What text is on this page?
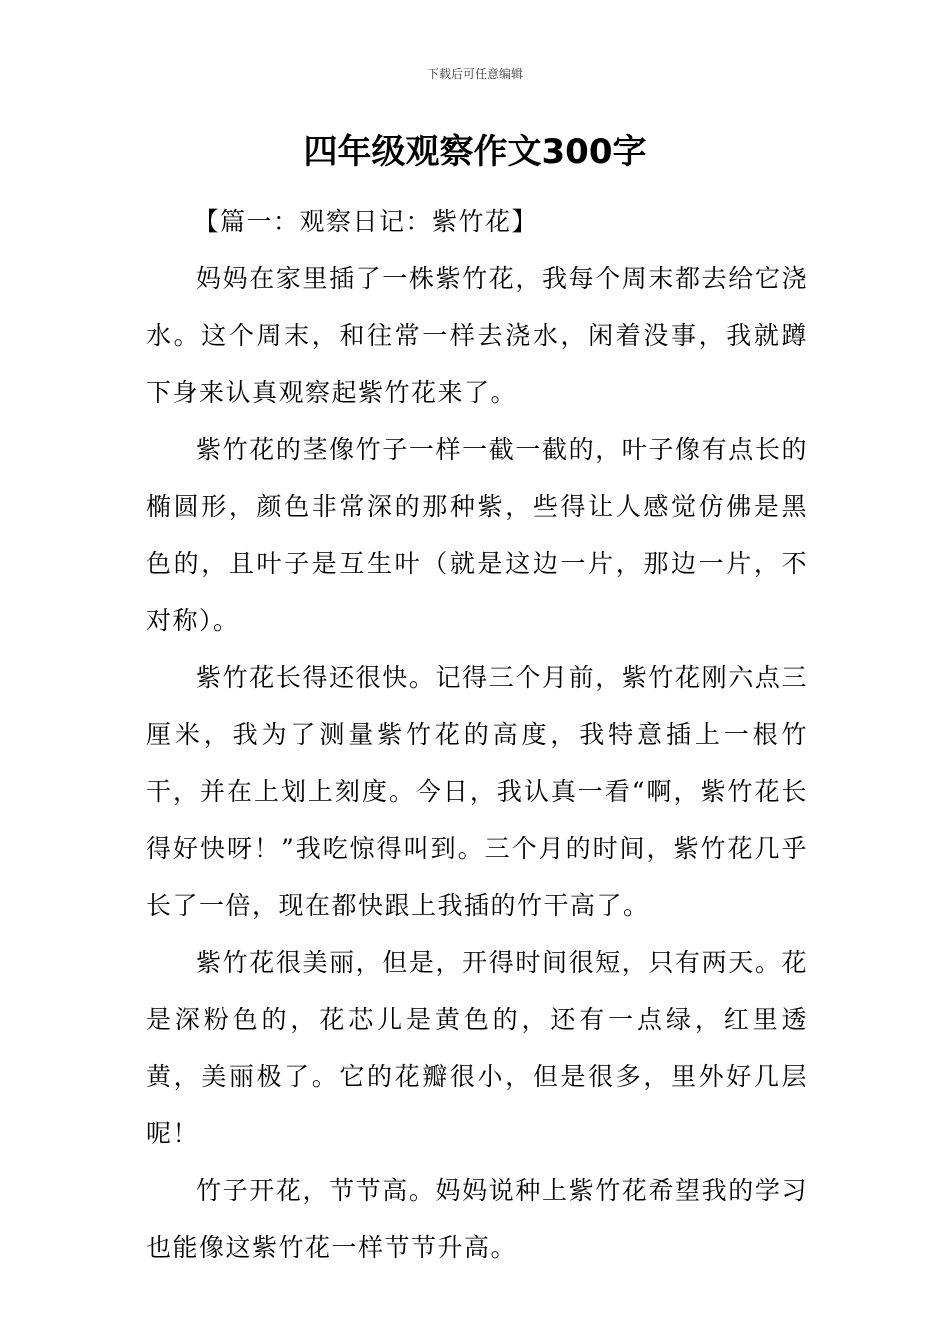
下载后可任意编辑
四年级观察作文300字

【篇一：观察日记：紫竹花】

妈妈在家里插了一株紫竹花，我每个周末都去给它浇水。这个周末，和往常一样去浇水，闲着没事，我就蹲下身来认真观察起紫竹花来了。

紫竹花的茎像竹子一样一截一截的，叶子像有点长的椭圆形，颜色非常深的那种紫，些得让人感觉仿佛是黑色的，且叶子是互生叶（就是这边一片，那边一片，不对称）。

紫竹花长得还很快。记得三个月前，紫竹花刚六点三厘米，我为了测量紫竹花的高度，我特意插上一根竹干，并在上划上刻度。今日，我认真一看“啊，紫竹花长得好快呀！”我吃惊得叫到。三个月的时间，紫竹花几乎长了一倍，现在都快跟上我插的竹干高了。

紫竹花很美丽，但是，开得时间很短，只有两天。花是深粉色的，花芯儿是黄色的，还有一点绿，红里透黄，美丽极了。它的花瓣很小，但是很多，里外好几层呢！

竹子开花，节节高。妈妈说种上紫竹花希望我的学习也能像这紫竹花一样节节升高。
